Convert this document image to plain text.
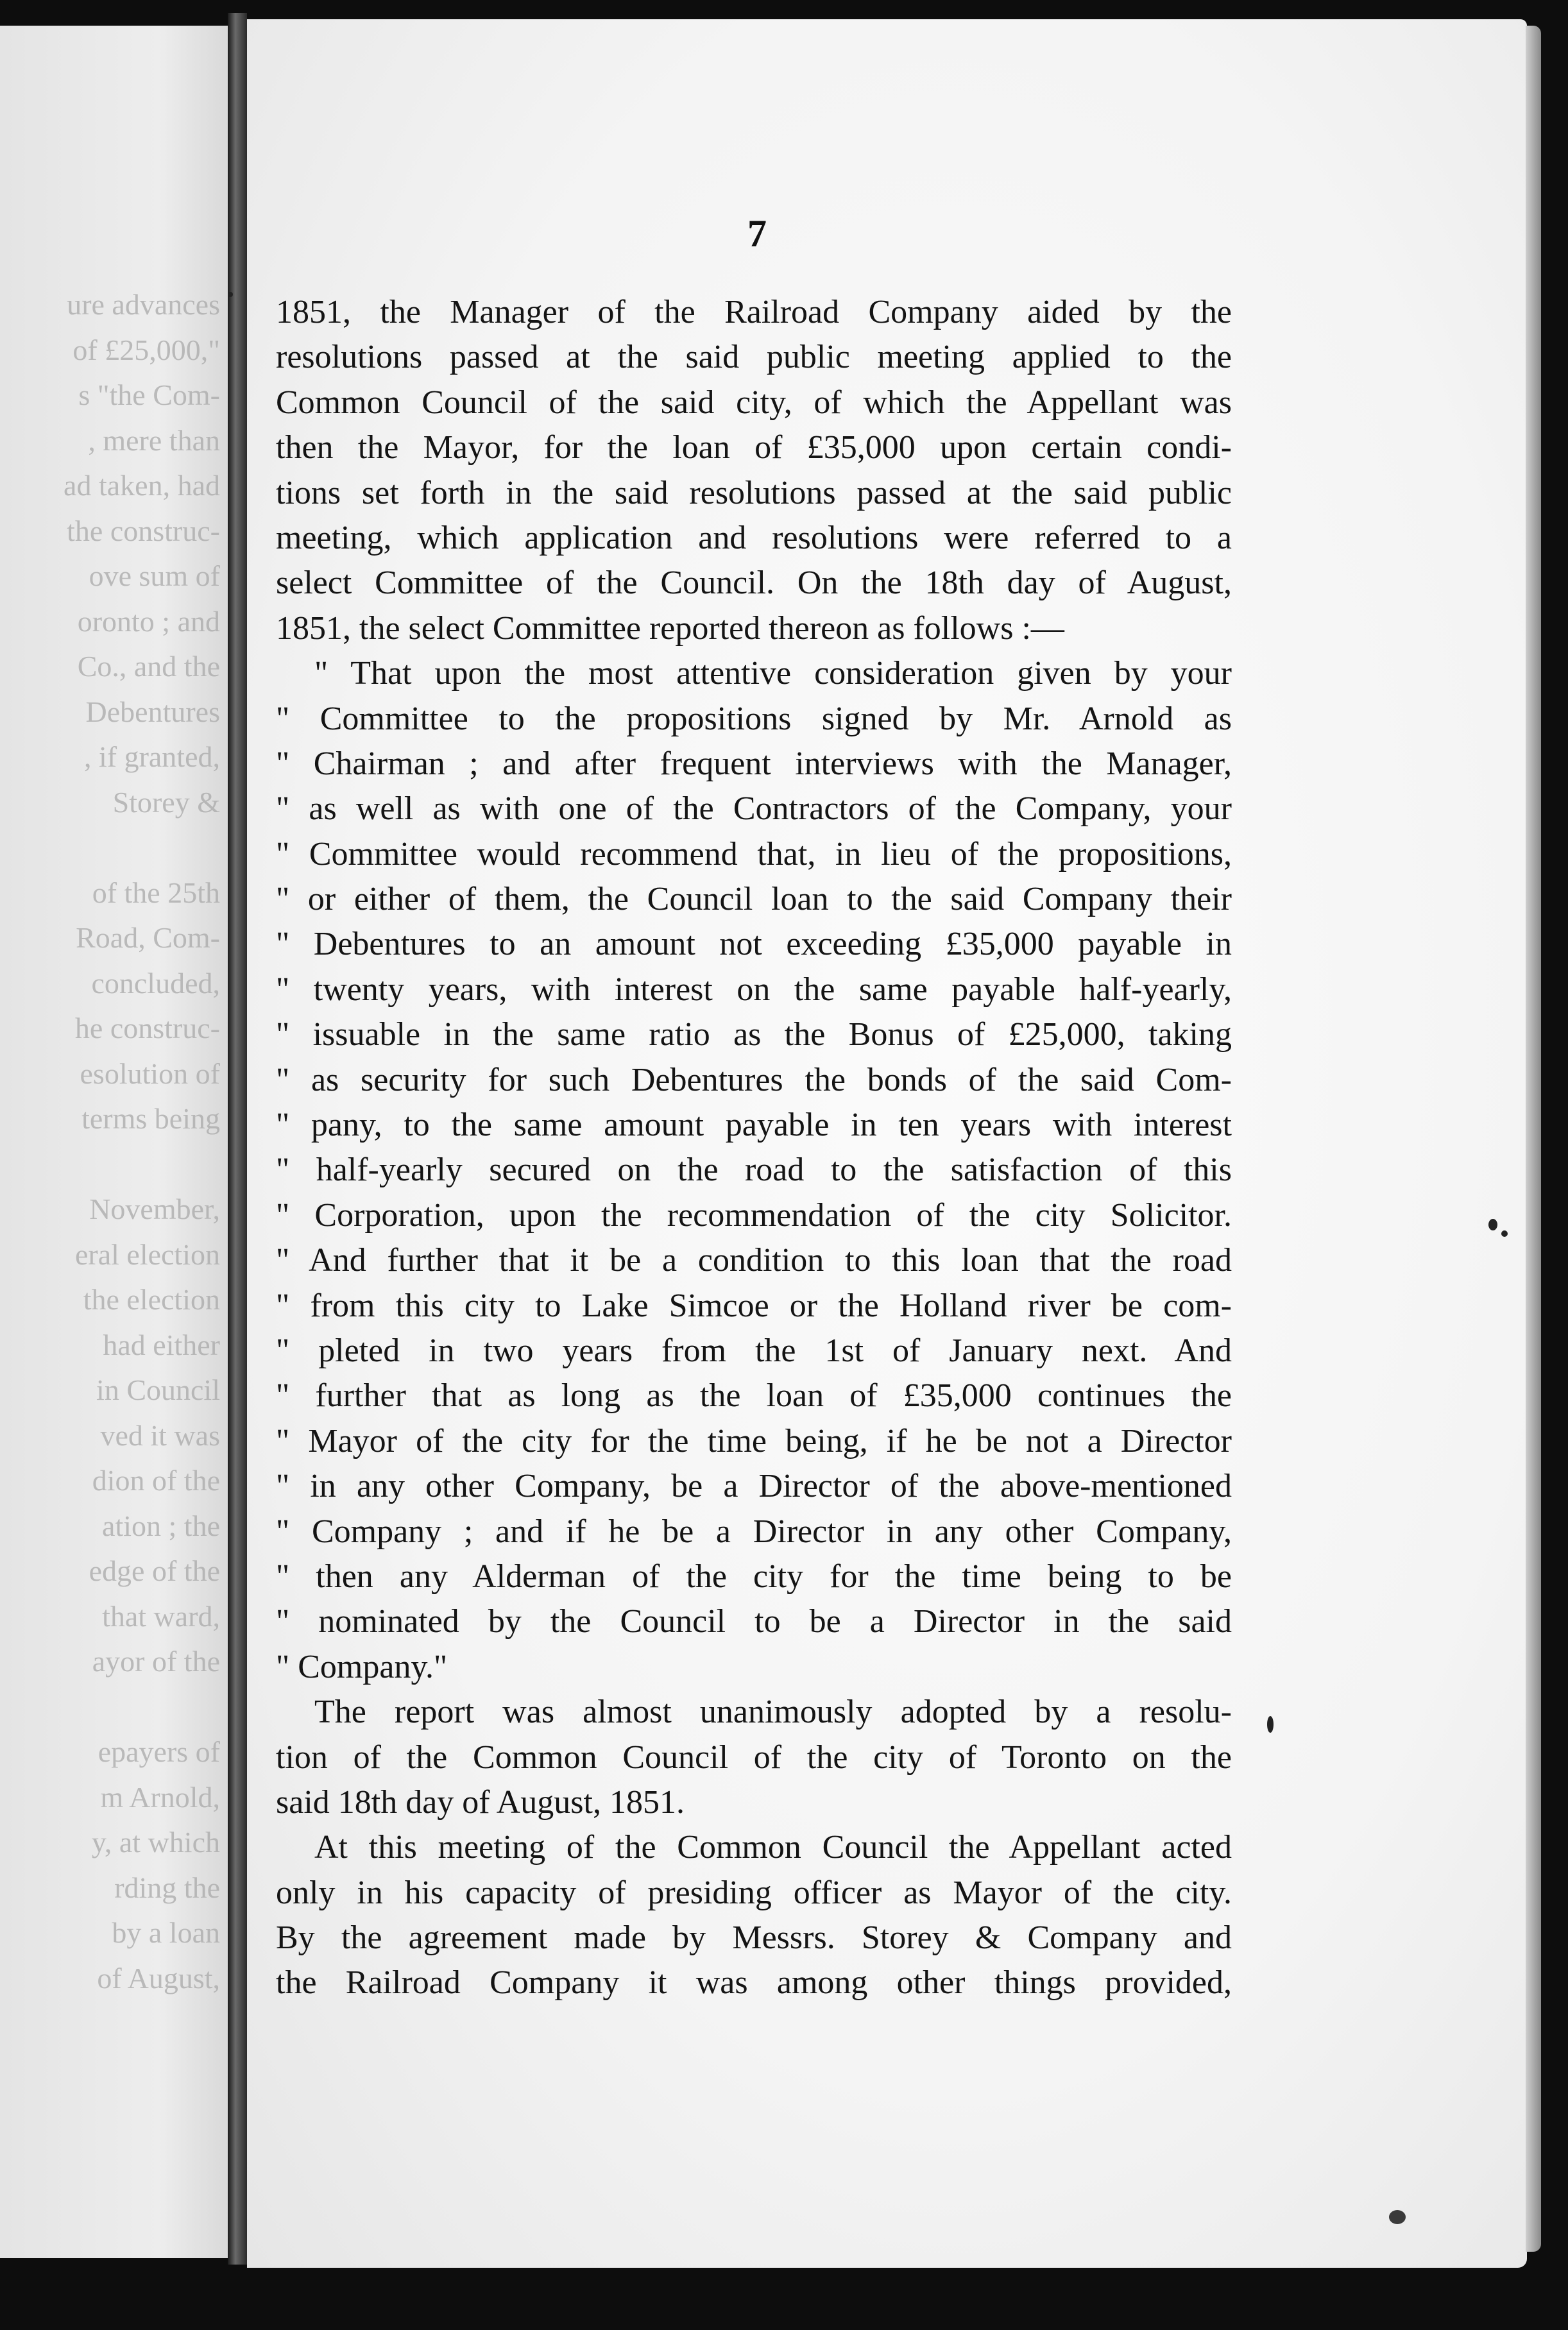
ure advances
of £25,000,"
s "the Com-
, mere than
ad taken, had
the construc-
ove sum of
oronto ; and
Co., and the
Debentures
, if granted,
Storey &
of the 25th
Road, Com-
concluded,
he construc-
esolution of
terms being
November,
eral election
the election
had either
in Council
ved it was
dion of the
ation ; the
edge of the
that ward,
ayor of the
epayers of
m Arnold,
y, at which
rding the
by a loan
of August,
7
1851, the Manager of the Railroad Company aided by the
resolutions passed at the said public meeting applied to the
Common Council of the said city, of which the Appellant was
then the Mayor, for the loan of £35,000 upon certain condi-
tions set forth in the said resolutions passed at the said public
meeting, which application and resolutions were referred to a
select Committee of the Council. On the 18th day of August,
1851, the select Committee reported thereon as follows :—
" That upon the most attentive consideration given by your
" Committee to the propositions signed by Mr. Arnold as
" Chairman ; and after frequent interviews with the Manager,
" as well as with one of the Contractors of the Company, your
" Committee would recommend that, in lieu of the propositions,
" or either of them, the Council loan to the said Company their
" Debentures to an amount not exceeding £35,000 payable in
" twenty years, with interest on the same payable half-yearly,
" issuable in the same ratio as the Bonus of £25,000, taking
" as security for such Debentures the bonds of the said Com-
" pany, to the same amount payable in ten years with interest
" half-yearly secured on the road to the satisfaction of this
" Corporation, upon the recommendation of the city Solicitor.
" And further that it be a condition to this loan that the road
" from this city to Lake Simcoe or the Holland river be com-
" pleted in two years from the 1st of January next. And
" further that as long as the loan of £35,000 continues the
" Mayor of the city for the time being, if he be not a Director
" in any other Company, be a Director of the above-mentioned
" Company ; and if he be a Director in any other Company,
" then any Alderman of the city for the time being to be
" nominated by the Council to be a Director in the said
" Company."
The report was almost unanimously adopted by a resolu-
tion of the Common Council of the city of Toronto on the
said 18th day of August, 1851.
At this meeting of the Common Council the Appellant acted
only in his capacity of presiding officer as Mayor of the city.
By the agreement made by Messrs. Storey & Company and
the Railroad Company it was among other things provided,
